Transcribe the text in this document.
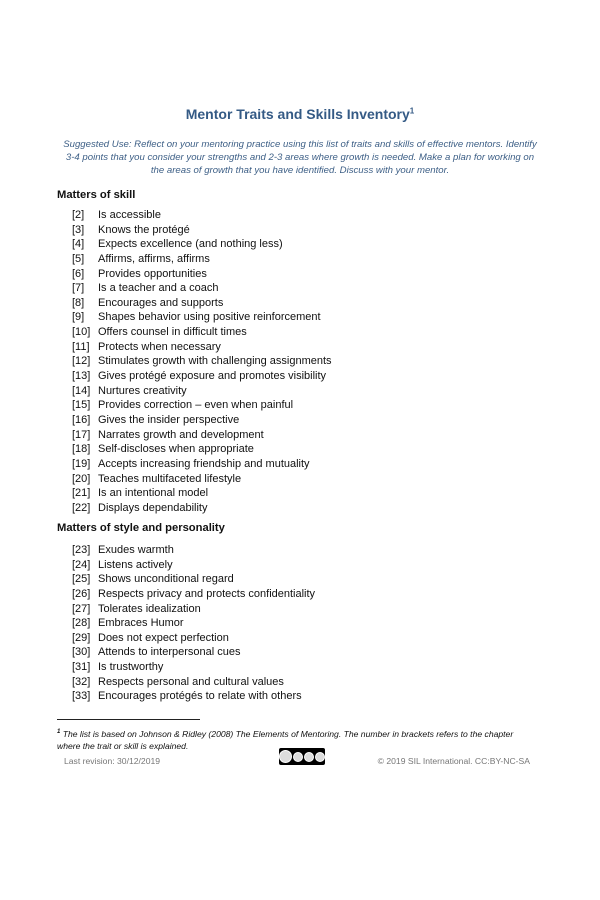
Mentor Traits and Skills Inventory$^1$
Suggested Use: Reflect on your mentoring practice using this list of traits and skills of effective mentors. Identify 3-4 points that you consider your strengths and 2-3 areas where growth is needed. Make a plan for working on the areas of growth that you have identified. Discuss with your mentor.
Matters of skill
[2]	Is accessible
[3]	Knows the protégé
[4]	Expects excellence (and nothing less)
[5]	Affirms, affirms, affirms
[6]	Provides opportunities
[7]	Is a teacher and a coach
[8]	Encourages and supports
[9]	Shapes behavior using positive reinforcement
[10] Offers counsel in difficult times
[11] Protects when necessary
[12] Stimulates growth with challenging assignments
[13] Gives protégé exposure and promotes visibility
[14] Nurtures creativity
[15] Provides correction – even when painful
[16] Gives the insider perspective
[17] Narrates growth and development
[18] Self-discloses when appropriate
[19] Accepts increasing friendship and mutuality
[20] Teaches multifaceted lifestyle
[21] Is an intentional model
[22] Displays dependability
Matters of style and personality
[23] Exudes warmth
[24] Listens actively
[25] Shows unconditional regard
[26] Respects privacy and protects confidentiality
[27] Tolerates idealization
[28] Embraces Humor
[29] Does not expect perfection
[30] Attends to interpersonal cues
[31] Is trustworthy
[32] Respects personal and cultural values
[33] Encourages protégés to relate with others
$^1$ The list is based on Johnson & Ridley (2008) The Elements of Mentoring. The number in brackets refers to the chapter where the trait or skill is explained.
Last revision: 30/12/2019	© 2019 SIL International. CC:BY-NC-SA
